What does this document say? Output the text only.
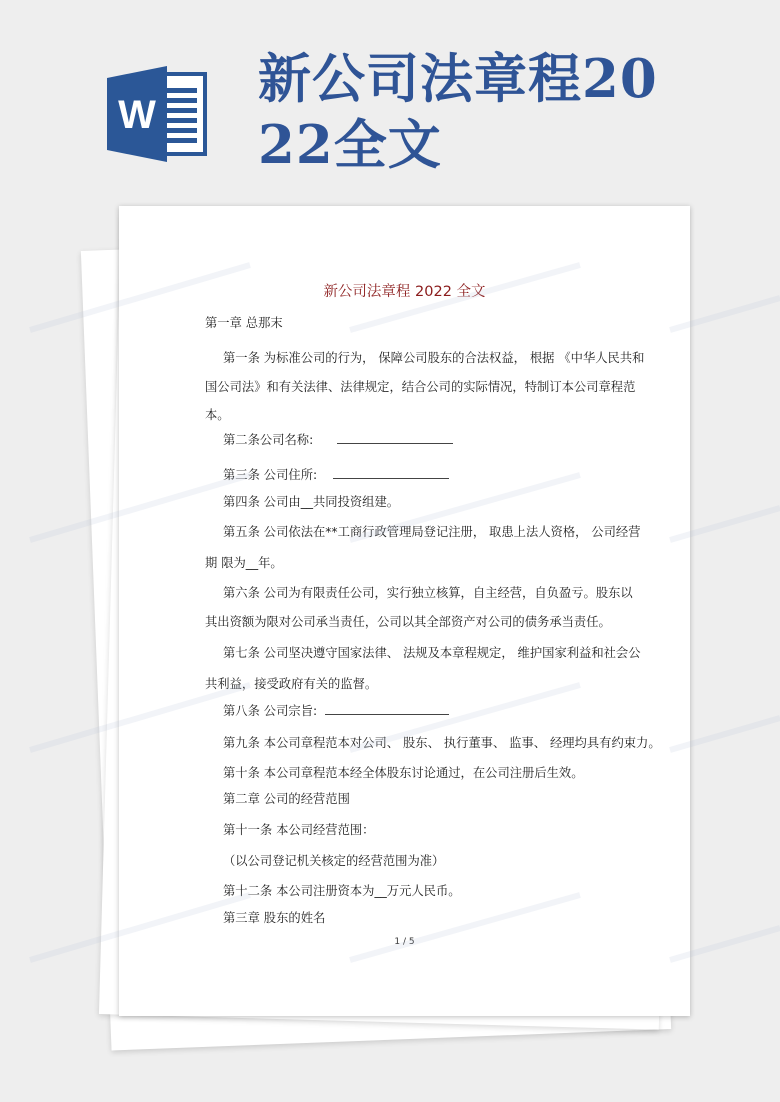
W
新公司法章程20
22全文
新公司法章程 2022 全文
第一章 总那末
第一条 为标准公司的行为， 保障公司股东的合法权益， 根据 《中华人民共和
国公司法》和有关法律、法律规定，结合公司的实际情况，特制订本公司章程范
本。
第二条公司名称:
第三条 公司住所:
第四条 公司由__共同投资组建。
第五条 公司依法在**工商行政管理局登记注册， 取患上法人资格， 公司经营
期 限为__年。
第六条 公司为有限责任公司，实行独立核算，自主经营，自负盈亏。股东以
其出资额为限对公司承当责任，公司以其全部资产对公司的债务承当责任。
第七条 公司坚决遵守国家法律、 法规及本章程规定， 维护国家利益和社会公
共利益，接受政府有关的监督。
第八条 公司宗旨:
第九条 本公司章程范本对公司、 股东、 执行董事、 监事、 经理均具有约束力。
第十条 本公司章程范本经全体股东讨论通过，在公司注册后生效。
第二章 公司的经营范围
第十一条 本公司经营范围：
（以公司登记机关核定的经营范围为准）
第十二条 本公司注册资本为__万元人民币。
第三章 股东的姓名
1 / 5
